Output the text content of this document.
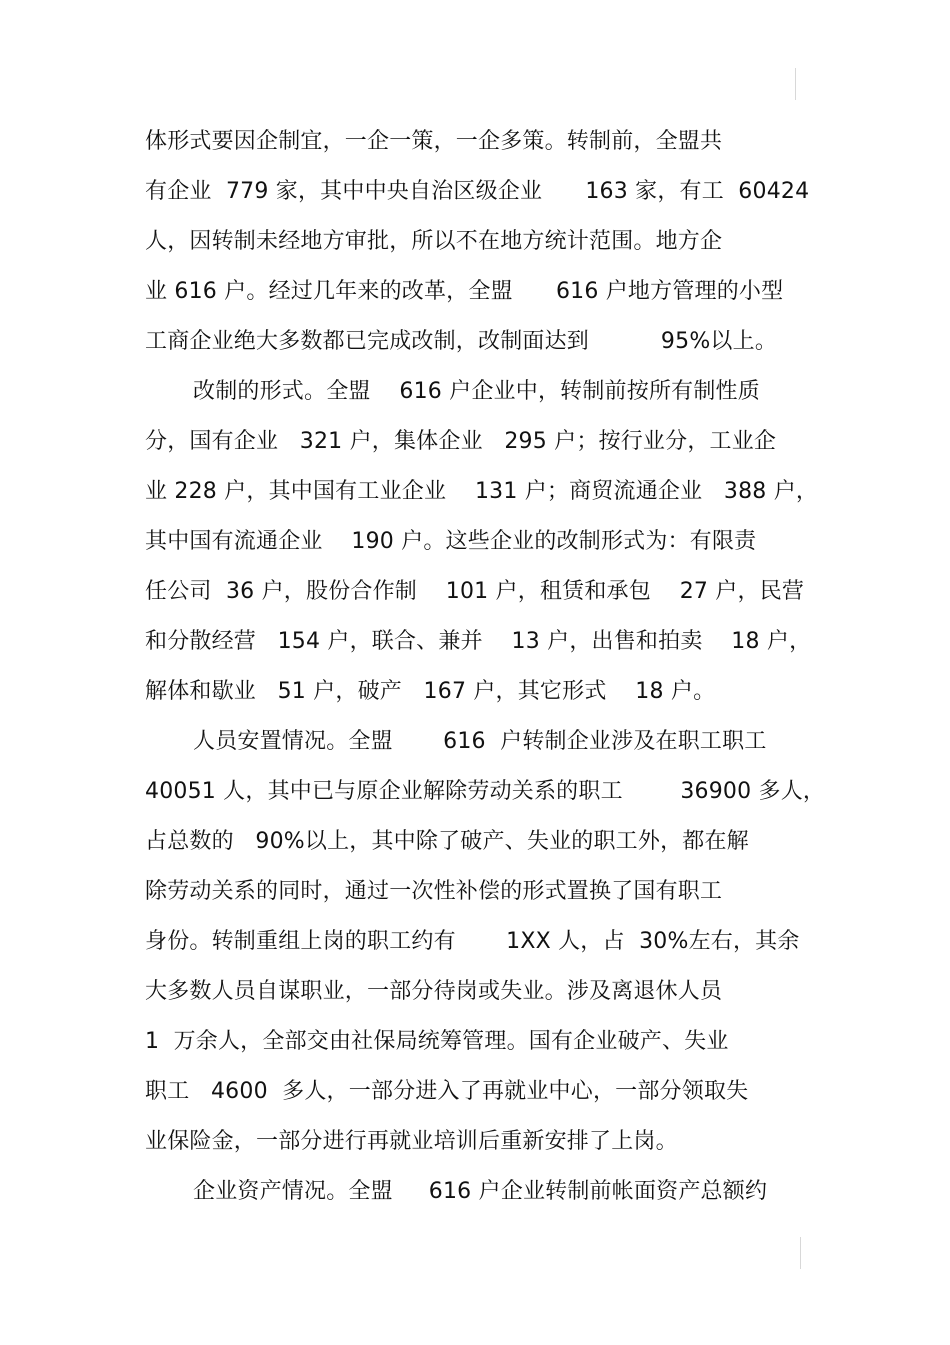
体形式要因企制宜，一企一策，一企多策。转制前，全盟共
有企业  779 家，其中中央自治区级企业      163 家，有工  60424
人，因转制未经地方审批，所以不在地方统计范围。地方企
业 616 户。经过几年来的改革，全盟      616 户地方管理的小型
工商企业绝大多数都已完成改制，改制面达到          95%以上。
改制的形式。全盟    616 户企业中，转制前按所有制性质
分，国有企业   321 户，集体企业   295 户；按行业分，工业企
业 228 户，其中国有工业企业    131 户；商贸流通企业   388 户，
其中国有流通企业    190 户。这些企业的改制形式为：有限责
任公司  36 户，股份合作制    101 户，租赁和承包    27 户，民营
和分散经营   154 户，联合、兼并    13 户，出售和拍卖    18 户，
解体和歇业   51 户，破产   167 户，其它形式    18 户。
人员安置情况。全盟       616  户转制企业涉及在职工职工
40051 人，其中已与原企业解除劳动关系的职工        36900 多人，
占总数的   90%以上，其中除了破产、失业的职工外，都在解
除劳动关系的同时，通过一次性补偿的形式置换了国有职工
身份。转制重组上岗的职工约有       1XX 人，占  30%左右，其余
大多数人员自谋职业，一部分待岗或失业。涉及离退休人员
1  万余人，全部交由社保局统筹管理。国有企业破产、失业
职工   4600  多人，一部分进入了再就业中心，一部分领取失
业保险金，一部分进行再就业培训后重新安排了上岗。
企业资产情况。全盟     616 户企业转制前帐面资产总额约
